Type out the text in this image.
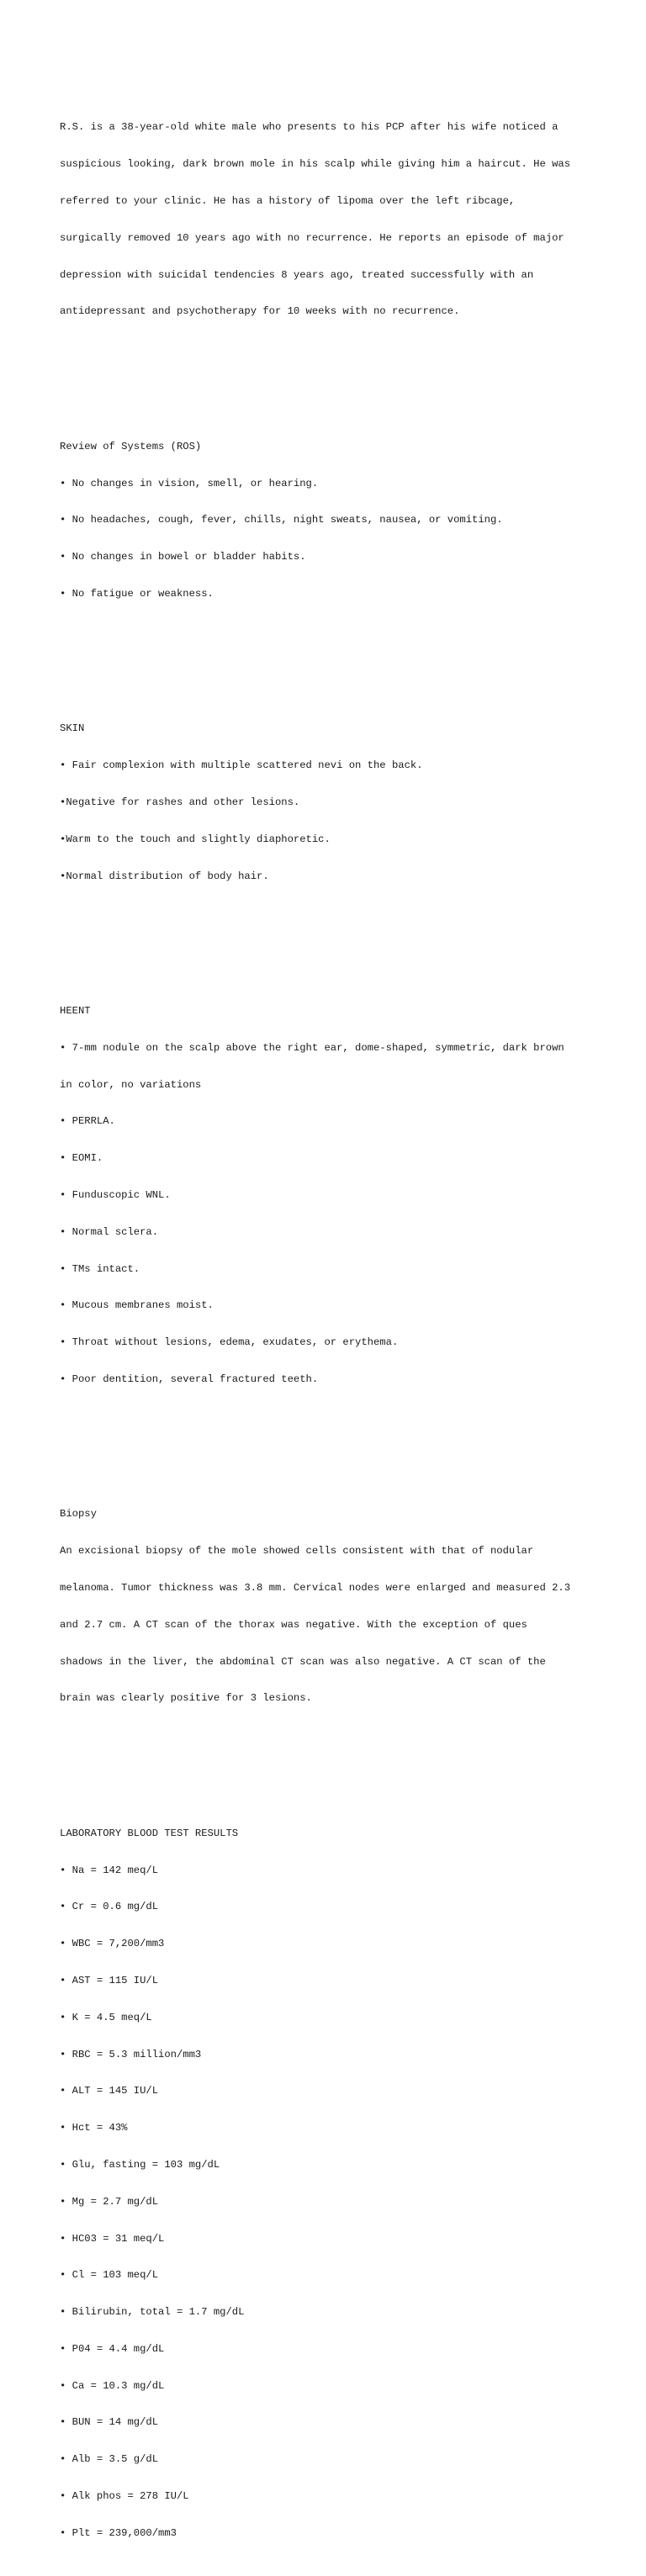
R.S. is a 38-year-old white male who presents to his PCP after his wife noticed a

suspicious looking, dark brown mole in his scalp while giving him a haircut. He was

referred to your clinic. He has a history of lipoma over the left ribcage,

surgically removed 10 years ago with no recurrence. He reports an episode of major

depression with suicidal tendencies 8 years ago, treated successfully with an

antidepressant and psychotherapy for 10 weeks with no recurrence.

Review of Systems (ROS)

• No changes in vision, smell, or hearing.

• No headaches, cough, fever, chills, night sweats, nausea, or vomiting.

• No changes in bowel or bladder habits.

• No fatigue or weakness.

SKIN

• Fair complexion with multiple scattered nevi on the back.

•Negative for rashes and other lesions.

•Warm to the touch and slightly diaphoretic.

•Normal distribution of body hair.

HEENT

• 7-mm nodule on the scalp above the right ear, dome-shaped, symmetric, dark brown

in color, no variations

• PERRLA.

• EOMI.

• Funduscopic WNL.

• Normal sclera.

• TMs intact.

• Mucous membranes moist.

• Throat without lesions, edema, exudates, or erythema.

• Poor dentition, several fractured teeth.

Biopsy

An excisional biopsy of the mole showed cells consistent with that of nodular

melanoma. Tumor thickness was 3.8 mm. Cervical nodes were enlarged and measured 2.3

and 2.7 cm. A CT scan of the thorax was negative. With the exception of ques

shadows in the liver, the abdominal CT scan was also negative. A CT scan of the

brain was clearly positive for 3 lesions.

LABORATORY BLOOD TEST RESULTS

• Na = 142 meq/L

• Cr = 0.6 mg/dL

• WBC = 7,200/mm3

• AST = 115 IU/L

• K = 4.5 meq/L

• RBC = 5.3 million/mm3

• ALT = 145 IU/L

• Hct = 43%

• Glu, fasting = 103 mg/dL

• Mg = 2.7 mg/dL

• HC03 = 31 meq/L

• Cl = 103 meq/L

• Bilirubin, total = 1.7 mg/dL

• P04 = 4.4 mg/dL

• Ca = 10.3 mg/dL

• BUN = 14 mg/dL

• Alb = 3.5 g/dL

• Alk phos = 278 IU/L

• Plt = 239,000/mm3
